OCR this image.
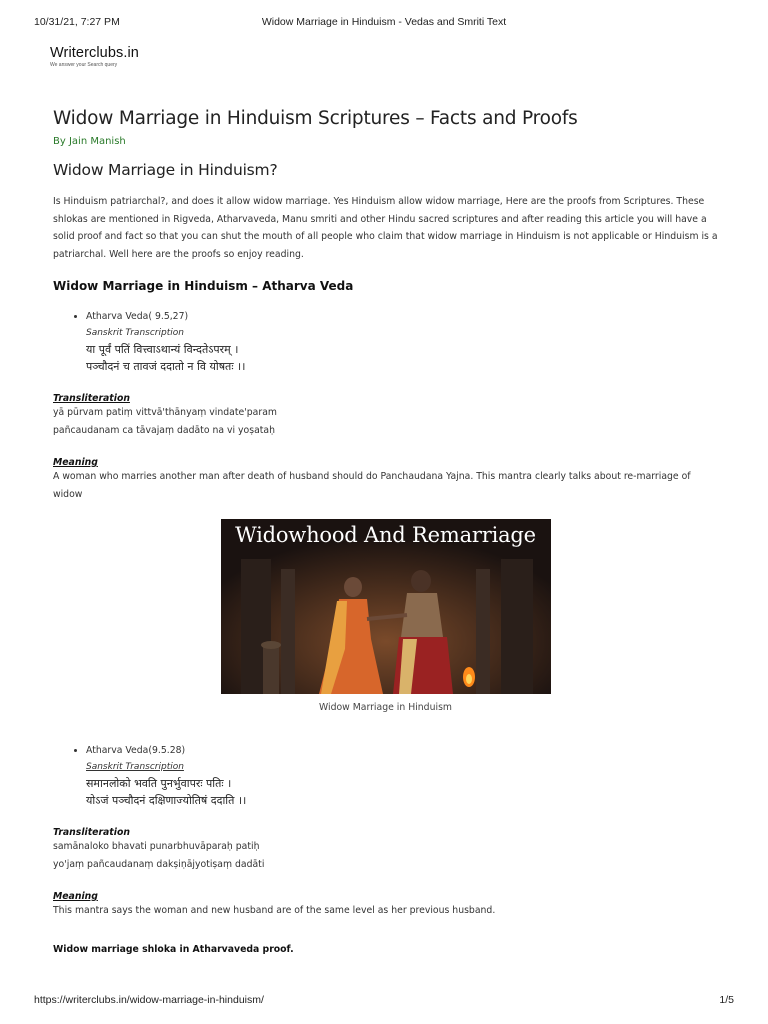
10/31/21, 7:27 PM	Widow Marriage in Hinduism - Vedas and Smriti Text
Writerclubs.in
We answer your Search query
Widow Marriage in Hinduism Scriptures – Facts and Proofs
By Jain Manish
Widow Marriage in Hinduism?

Is Hinduism patriarchal?, and does it allow widow marriage. Yes Hinduism allow widow marriage, Here are the proofs from Scriptures. These shlokas are mentioned in Rigveda, Atharvaveda, Manu smriti and other Hindu sacred scriptures and after reading this article you will have a solid proof and fact so that you can shut the mouth of all people who claim that widow marriage in Hinduism is not applicable or Hinduism is a patriarchal. Well here are the proofs so enjoy reading.

Widow Marriage in Hinduism – Atharva Veda
• Atharva Veda( 9.5,27)
Sanskrit Transcription
या पूर्वं पतिं वित्त्वाऽथान्यं विन्दतेऽपरम् ।
पञ्चौदनं च तावजं ददातो न वि योषतः ।।
Transliteration
yā pūrvam patiṃ vittvā'thānyaṃ vindate'param
pañcaudanam ca tāvajaṃ dadāto na vi yoṣataḥ
Meaning
A woman who marries another man after death of husband should do Panchaudana Yajna. This mantra clearly talks about re-marriage of widow
Widowhood And Remarriage
Widow Marriage in Hinduism
• Atharva Veda(9.5.28)
Sanskrit Transcription
समानलोको भवति पुनर्भुवापरः पतिः ।
योऽजं पञ्चौदनं दक्षिणाज्योतिषं ददाति ।।
Transliteration
samānaloko bhavati punarbhuvāparaḥ patiḥ
yo'jaṃ pañcaudanaṃ dakṣiṇājyotiṣaṃ dadāti
Meaning
This mantra says the woman and new husband are of the same level as her previous husband.
Widow marriage shloka in Atharvaveda proof.
https://writerclubs.in/widow-marriage-in-hinduism/	1/5
